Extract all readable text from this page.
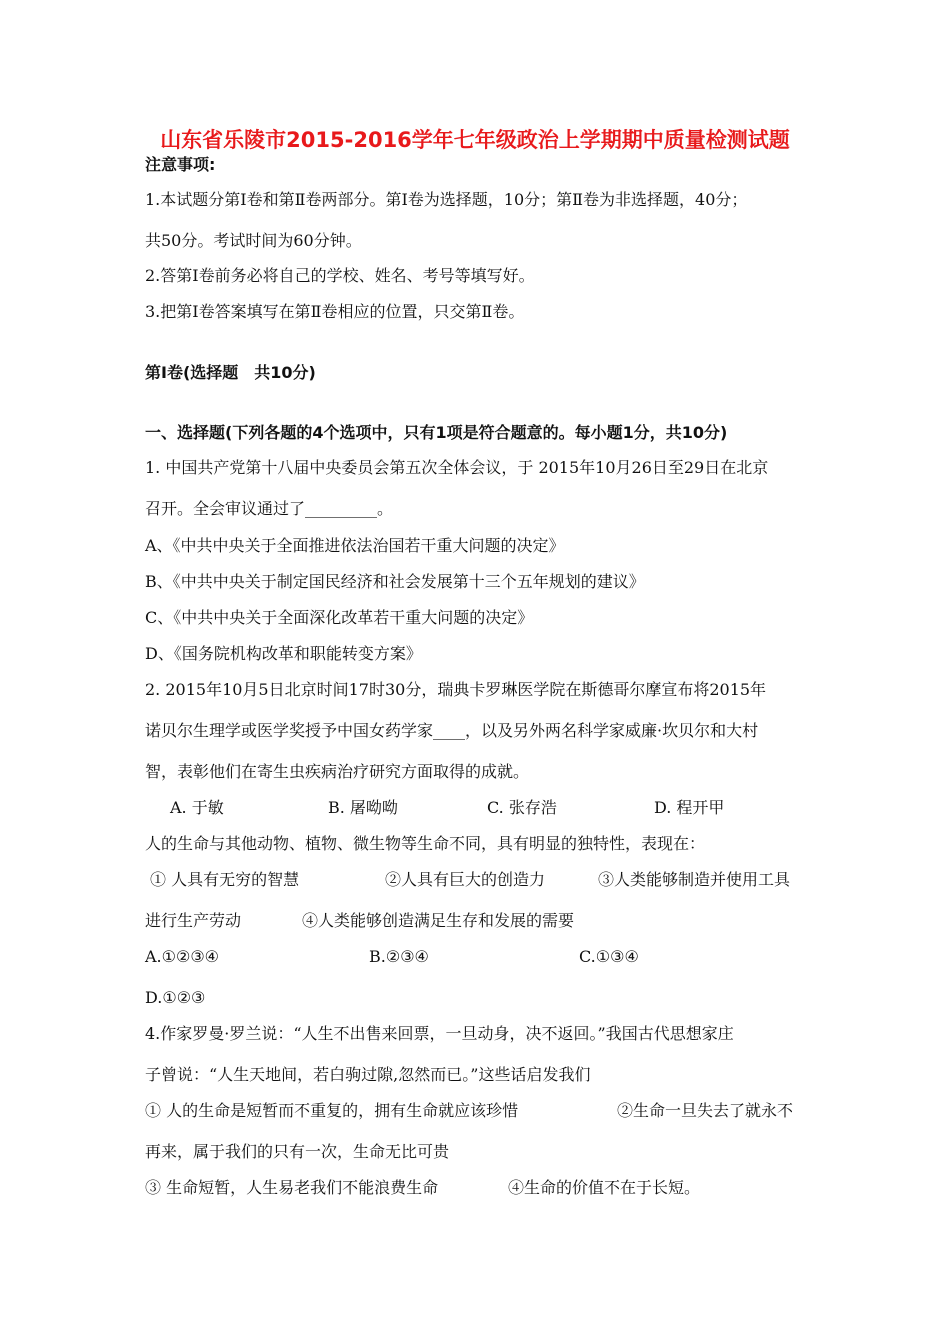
山东省乐陵市2015-2016学年七年级政治上学期期中质量检测试题
注意事项:
1.本试题分第Ⅰ卷和第Ⅱ卷两部分。第Ⅰ卷为选择题，10分；第Ⅱ卷为非选择题，40分；
共50分。考试时间为60分钟。
2.答第Ⅰ卷前务必将自己的学校、姓名、考号等填写好。
3.把第Ⅰ卷答案填写在第Ⅱ卷相应的位置，只交第Ⅱ卷。
第Ⅰ卷(选择题　共10分)
一、选择题(下列各题的4个选项中，只有1项是符合题意的。每小题1分，共10分)
1. 中国共产党第十八届中央委员会第五次全体会议，于 2015年10月26日至29日在北京
召开。全会审议通过了_________。
A、《中共中央关于全面推进依法治国若干重大问题的决定》
B、《中共中央关于制定国民经济和社会发展第十三个五年规划的建议》
C、《中共中央关于全面深化改革若干重大问题的决定》
D、《国务院机构改革和职能转变方案》
2. 2015年10月5日北京时间17时30分，瑞典卡罗琳医学院在斯德哥尔摩宣布将2015年
诺贝尔生理学或医学奖授予中国女药学家____，以及另外两名科学家威廉·坎贝尔和大村
智，表彰他们在寄生虫疾病治疗研究方面取得的成就。
A. 于敏	B. 屠呦呦	C. 张存浩	D. 程开甲
人的生命与其他动物、植物、微生物等生命不同，具有明显的独特性，表现在：
① 人具有无穷的智慧	②人具有巨大的创造力	③人类能够制造并使用工具
进行生产劳动	④人类能够创造满足生存和发展的需要
A.①②③④	B.②③④	C.①③④
D.①②③
4.作家罗曼·罗兰说：“人生不出售来回票，一旦动身，决不返回。”我国古代思想家庄
子曾说：“人生天地间，若白驹过隙,忽然而已。”这些话启发我们
① 人的生命是短暂而不重复的，拥有生命就应该珍惜	②生命一旦失去了就永不
再来，属于我们的只有一次，生命无比可贵
③ 生命短暂，人生易老我们不能浪费生命	④生命的价值不在于长短。
